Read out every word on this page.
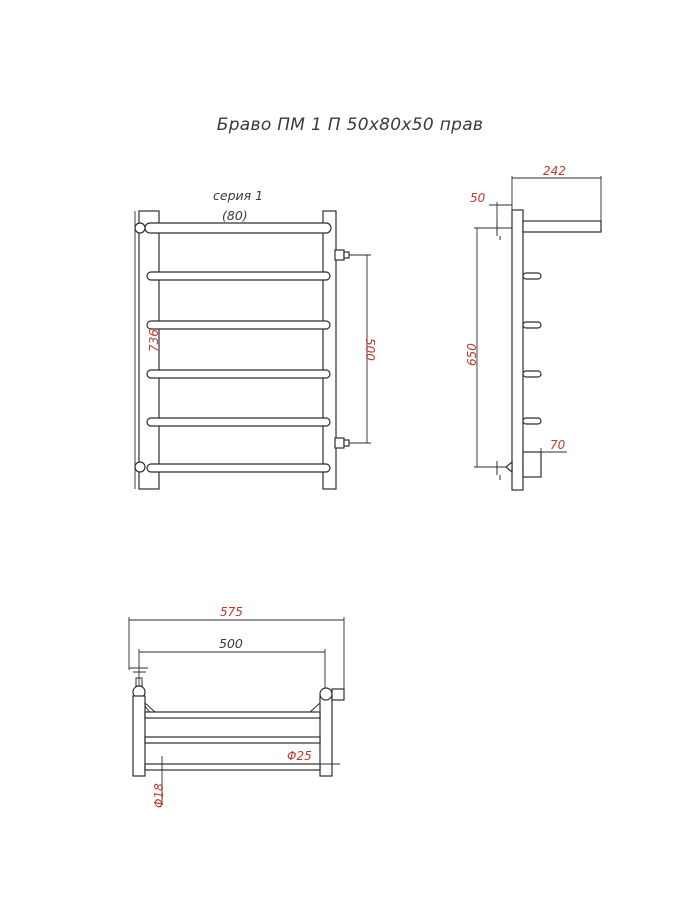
Браво ПМ 1 П 50х80х50 прав
серия 1
(80)
736	500
242
50
650
70
575
500
Φ25
Φ18
